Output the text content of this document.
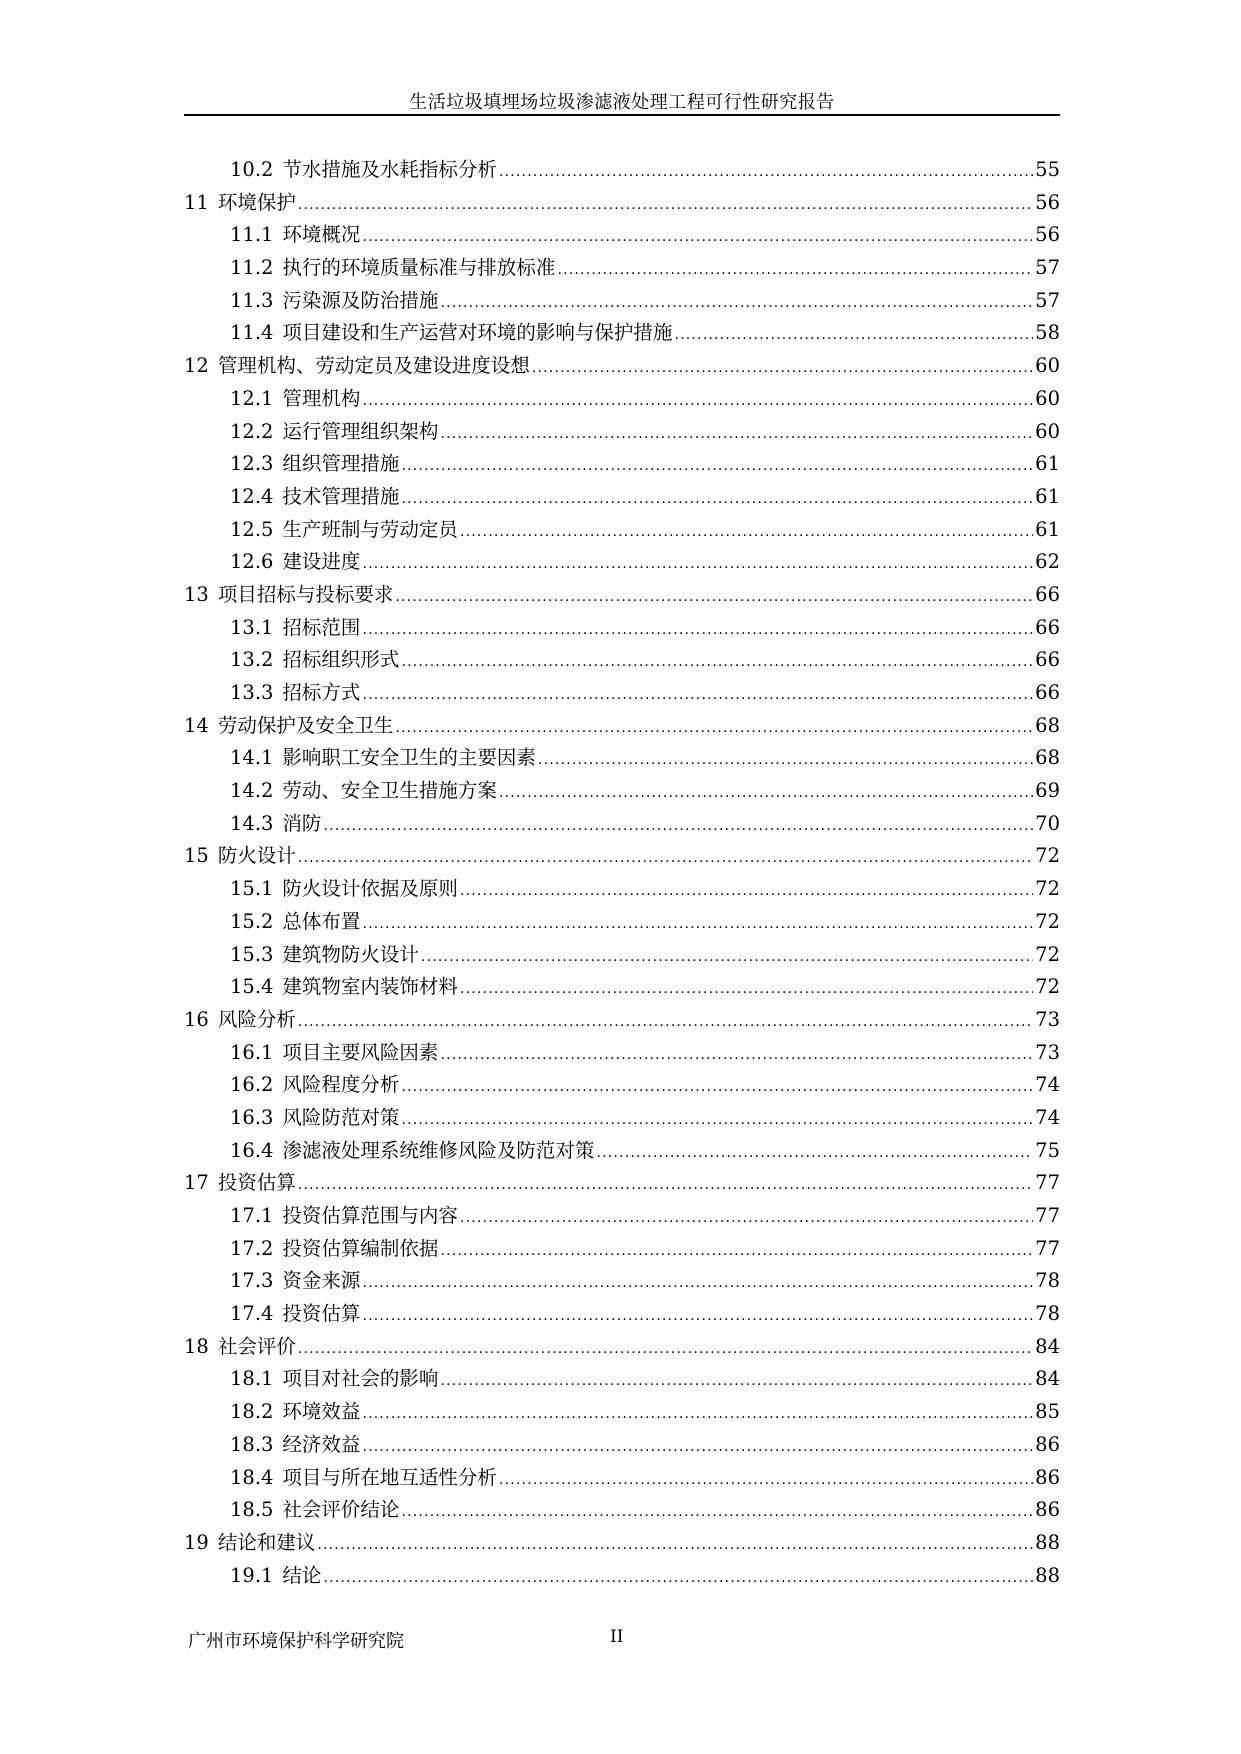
生活垃圾填埋场垃圾渗滤液处理工程可行性研究报告
10.2 节水措施及水耗指标分析 .....	55
11 环境保护 .....	56
11.1 环境概况 .....	56
11.2 执行的环境质量标准与排放标准 .....	57
11.3 污染源及防治措施 .....	57
11.4 项目建设和生产运营对环境的影响与保护措施 .....	58
12 管理机构、劳动定员及建设进度设想 .....	60
12.1 管理机构 .....	60
12.2 运行管理组织架构 .....	60
12.3 组织管理措施 .....	61
12.4 技术管理措施 .....	61
12.5 生产班制与劳动定员 .....	61
12.6 建设进度 .....	62
13 项目招标与投标要求 .....	66
13.1 招标范围 .....	66
13.2 招标组织形式 .....	66
13.3 招标方式 .....	66
14 劳动保护及安全卫生 .....	68
14.1 影响职工安全卫生的主要因素 .....	68
14.2 劳动、安全卫生措施方案 .....	69
14.3 消防 .....	70
15 防火设计 .....	72
15.1 防火设计依据及原则 .....	72
15.2 总体布置 .....	72
15.3 建筑物防火设计 .....	72
15.4 建筑物室内装饰材料 .....	72
16 风险分析 .....	73
16.1 项目主要风险因素 .....	73
16.2 风险程度分析 .....	74
16.3 风险防范对策 .....	74
16.4 渗滤液处理系统维修风险及防范对策 .....	75
17 投资估算 .....	77
17.1 投资估算范围与内容 .....	77
17.2 投资估算编制依据 .....	77
17.3 资金来源 .....	78
17.4 投资估算 .....	78
18 社会评价 .....	84
18.1 项目对社会的影响 .....	84
18.2 环境效益 .....	85
18.3 经济效益 .....	86
18.4 项目与所在地互适性分析 .....	86
18.5 社会评价结论 .....	86
19 结论和建议 .....	88
19.1 结论 .....	88
广州市环境保护科学研究院	II
